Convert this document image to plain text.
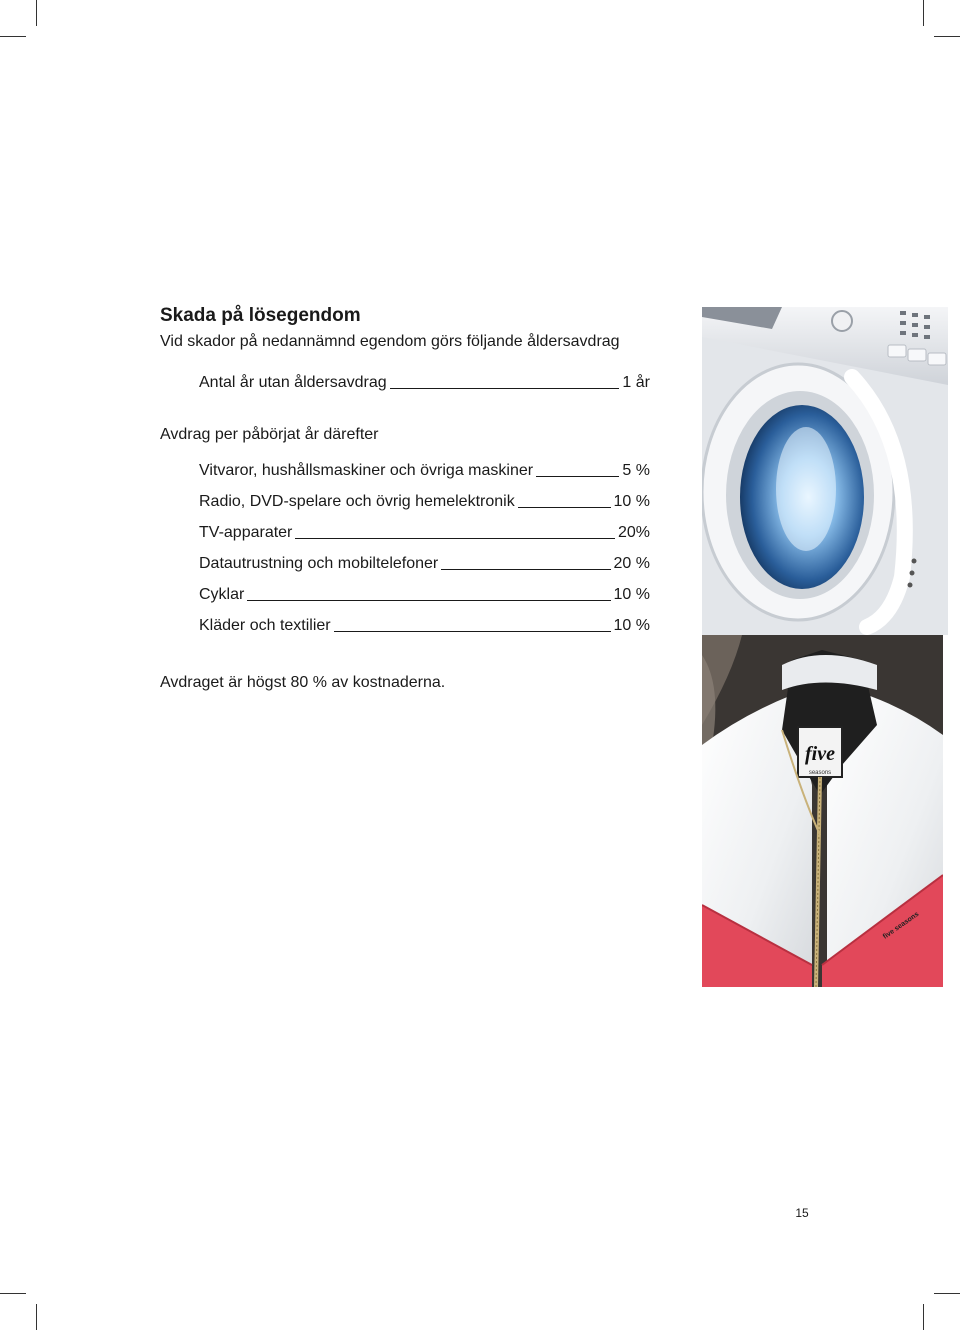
Skada på lösegendom

Vid skador på nedannämnd egendom görs följande åldersavdrag

Antal år utan åldersavdrag	1 år

Avdrag per påbörjat år därefter

Vitvaror, hushållsmaskiner och övriga maskiner	5 %
Radio, DVD-spelare och övrig hemelektronik	10 %
TV-apparater	20%
Datautrustning och mobiltelefoner	20 %
Cyklar	10 %
Kläder och textilier	10 %

Avdraget är högst 80 % av kostnaderna.

five
seasons
five seasons
15
